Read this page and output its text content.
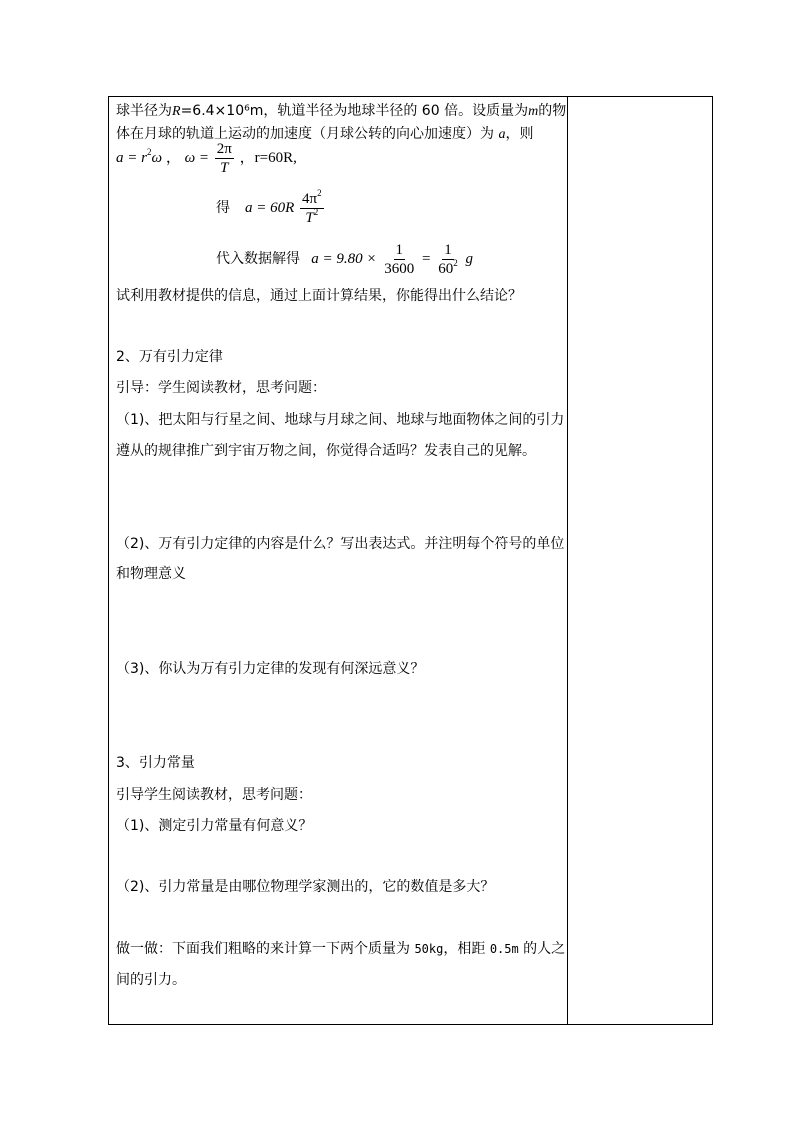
球半径为R=6.4×10⁶m，轨道半径为地球半径的 60 倍。设质量为m的物
体在月球的轨道上运动的加速度（月球公转的向心加速度）为 a，则
$a = r^2\omega$ ， $\omega = \frac{2\pi}{T}$ ，r=60R,
得 $a = 60R \frac{4\pi^2}{T^2}$
代入数据解得 $a = 9.80 \times \frac{1}{3600} = \frac{1}{60^2}$ g
试利用教材提供的信息，通过上面计算结果，你能得出什么结论？
2、万有引力定律
引导：学生阅读教材，思考问题：
（1)、把太阳与行星之间、地球与月球之间、地球与地面物体之间的引力
遵从的规律推广到宇宙万物之间，你觉得合适吗？发表自己的见解。
（2)、万有引力定律的内容是什么？写出表达式。并注明每个符号的单位
和物理意义
（3)、你认为万有引力定律的发现有何深远意义？
3、引力常量
引导学生阅读教材，思考问题：
（1)、测定引力常量有何意义？
（2)、引力常量是由哪位物理学家测出的，它的数值是多大？
做一做：下面我们粗略的来计算一下两个质量为 50kg，相距 0.5m 的人之
间的引力。
